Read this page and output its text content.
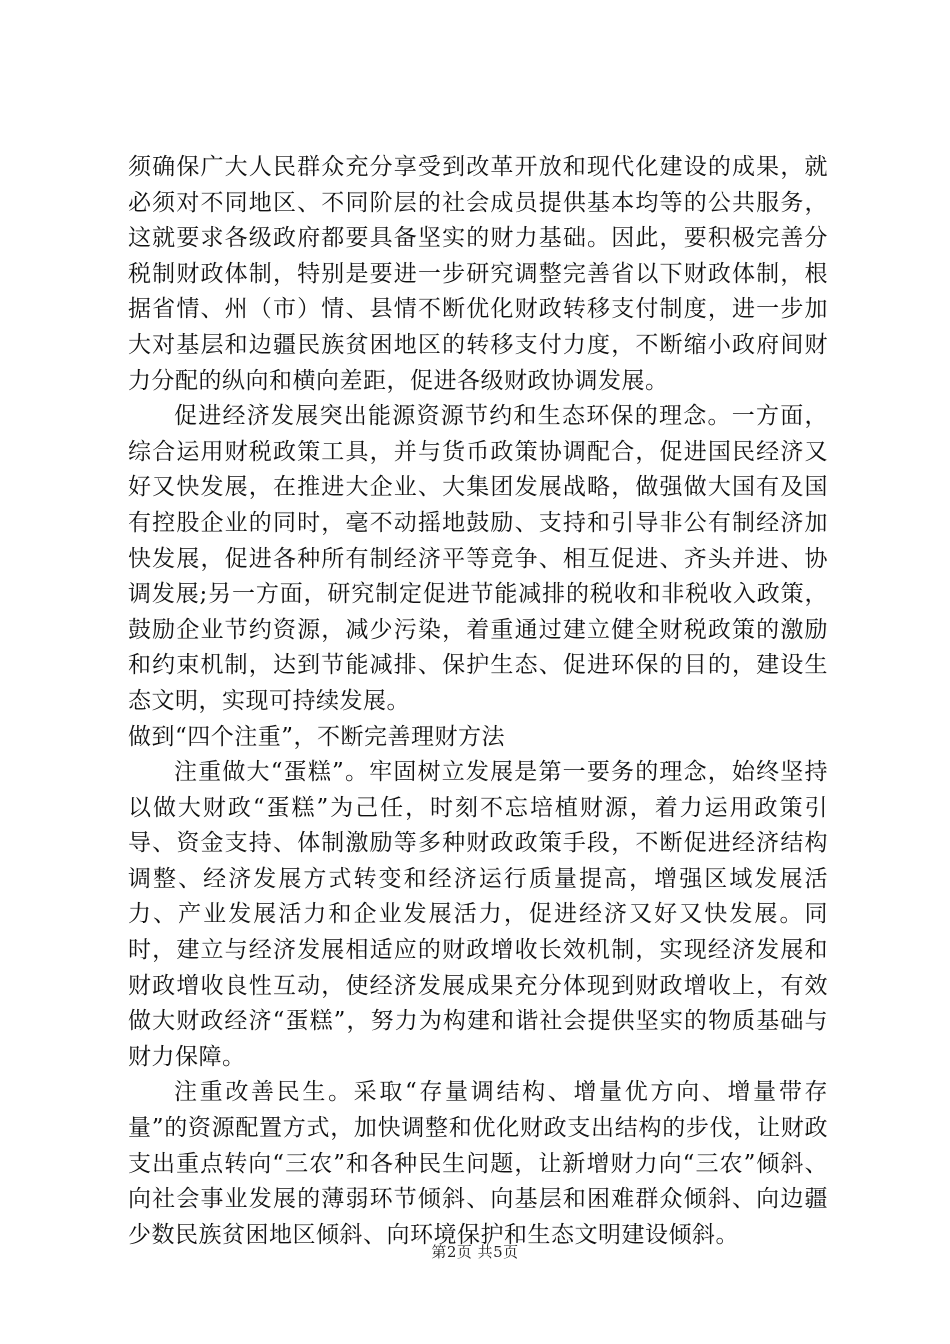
须确保广大人民群众充分享受到改革开放和现代化建设的成果，就必须对不同地区、不同阶层的社会成员提供基本均等的公共服务，这就要求各级政府都要具备坚实的财力基础。因此，要积极完善分税制财政体制，特别是要进一步研究调整完善省以下财政体制，根据省情、州（市）情、县情不断优化财政转移支付制度，进一步加大对基层和边疆民族贫困地区的转移支付力度，不断缩小政府间财力分配的纵向和横向差距，促进各级财政协调发展。

促进经济发展突出能源资源节约和生态环保的理念。一方面，综合运用财税政策工具，并与货币政策协调配合，促进国民经济又好又快发展，在推进大企业、大集团发展战略，做强做大国有及国有控股企业的同时，毫不动摇地鼓励、支持和引导非公有制经济加快发展，促进各种所有制经济平等竞争、相互促进、齐头并进、协调发展;另一方面，研究制定促进节能减排的税收和非税收入政策，鼓励企业节约资源，减少污染，着重通过建立健全财税政策的激励和约束机制，达到节能减排、保护生态、促进环保的目的，建设生态文明，实现可持续发展。

做到“四个注重”，不断完善理财方法

注重做大“蛋糕”。牢固树立发展是第一要务的理念，始终坚持以做大财政“蛋糕”为己任，时刻不忘培植财源，着力运用政策引导、资金支持、体制激励等多种财政政策手段，不断促进经济结构调整、经济发展方式转变和经济运行质量提高，增强区域发展活力、产业发展活力和企业发展活力，促进经济又好又快发展。同时，建立与经济发展相适应的财政增收长效机制，实现经济发展和财政增收良性互动，使经济发展成果充分体现到财政增收上，有效做大财政经济“蛋糕”，努力为构建和谐社会提供坚实的物质基础与财力保障。

注重改善民生。采取“存量调结构、增量优方向、增量带存量”的资源配置方式，加快调整和优化财政支出结构的步伐，让财政支出重点转向“三农”和各种民生问题，让新增财力向“三农”倾斜、向社会事业发展的薄弱环节倾斜、向基层和困难群众倾斜、向边疆少数民族贫困地区倾斜、向环境保护和生态文明建设倾斜。

第2页 共5页
